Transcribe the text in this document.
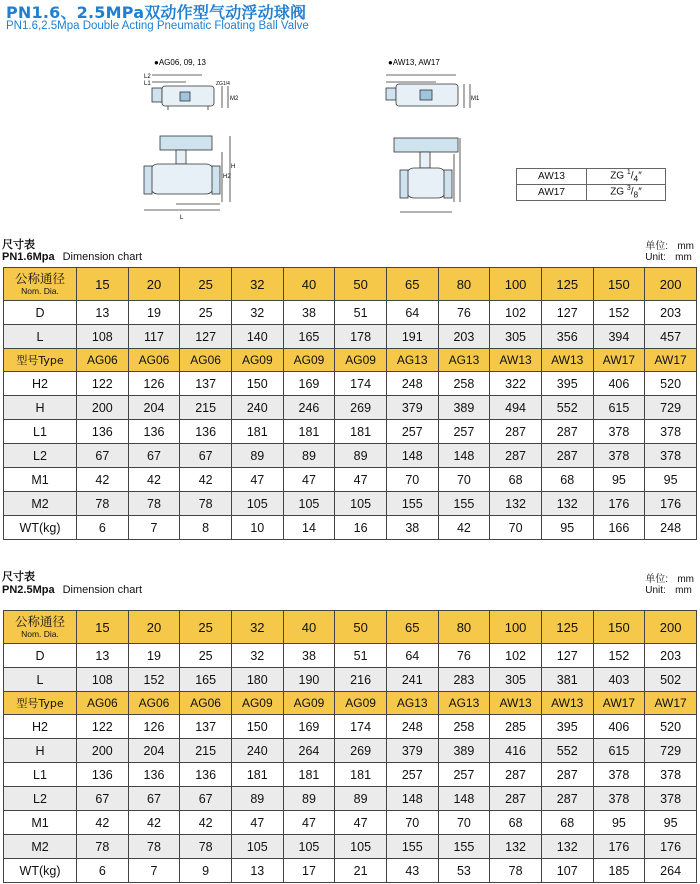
PN1.6、2.5MPa双动作型气动浮动球阀
PN1.6,2.5Mpa Double Acting Pneumatic Floating Ball Valve
●AG06, 09, 13
L2
L1	ZG1/4
M2
H
H2
L
●AW13, AW17
M1
AW13	ZG $^1/_4''$
AW17	ZG $^3/_8''$
尺寸表
PN1.6Mpa Dimension chart
单位: mm
Unit: mm
公称通径
Nom. Dia.	15	20	25	32	40	50	65	80	100	125	150	200
D	13	19	25	32	38	51	64	76	102	127	152	203
L	108	117	127	140	165	178	191	203	305	356	394	457
型号Type	AG06	AG06	AG06	AG09	AG09	AG09	AG13	AG13	AW13	AW13	AW17	AW17
H2	122	126	137	150	169	174	248	258	322	395	406	520
H	200	204	215	240	246	269	379	389	494	552	615	729
L1	136	136	136	181	181	181	257	257	287	287	378	378
L2	67	67	67	89	89	89	148	148	287	287	378	378
M1	42	42	42	47	47	47	70	70	68	68	95	95
M2	78	78	78	105	105	105	155	155	132	132	176	176
WT(kg)	6	7	8	10	14	16	38	42	70	95	166	248
尺寸表
PN2.5Mpa Dimension chart
单位: mm
Unit: mm
公称通径
Nom. Dia.	15	20	25	32	40	50	65	80	100	125	150	200
D	13	19	25	32	38	51	64	76	102	127	152	203
L	108	152	165	180	190	216	241	283	305	381	403	502
型号Type	AG06	AG06	AG06	AG09	AG09	AG09	AG13	AG13	AW13	AW13	AW17	AW17
H2	122	126	137	150	169	174	248	258	285	395	406	520
H	200	204	215	240	264	269	379	389	416	552	615	729
L1	136	136	136	181	181	181	257	257	287	287	378	378
L2	67	67	67	89	89	89	148	148	287	287	378	378
M1	42	42	42	47	47	47	70	70	68	68	95	95
M2	78	78	78	105	105	105	155	155	132	132	176	176
WT(kg)	6	7	9	13	17	21	43	53	78	107	185	264
